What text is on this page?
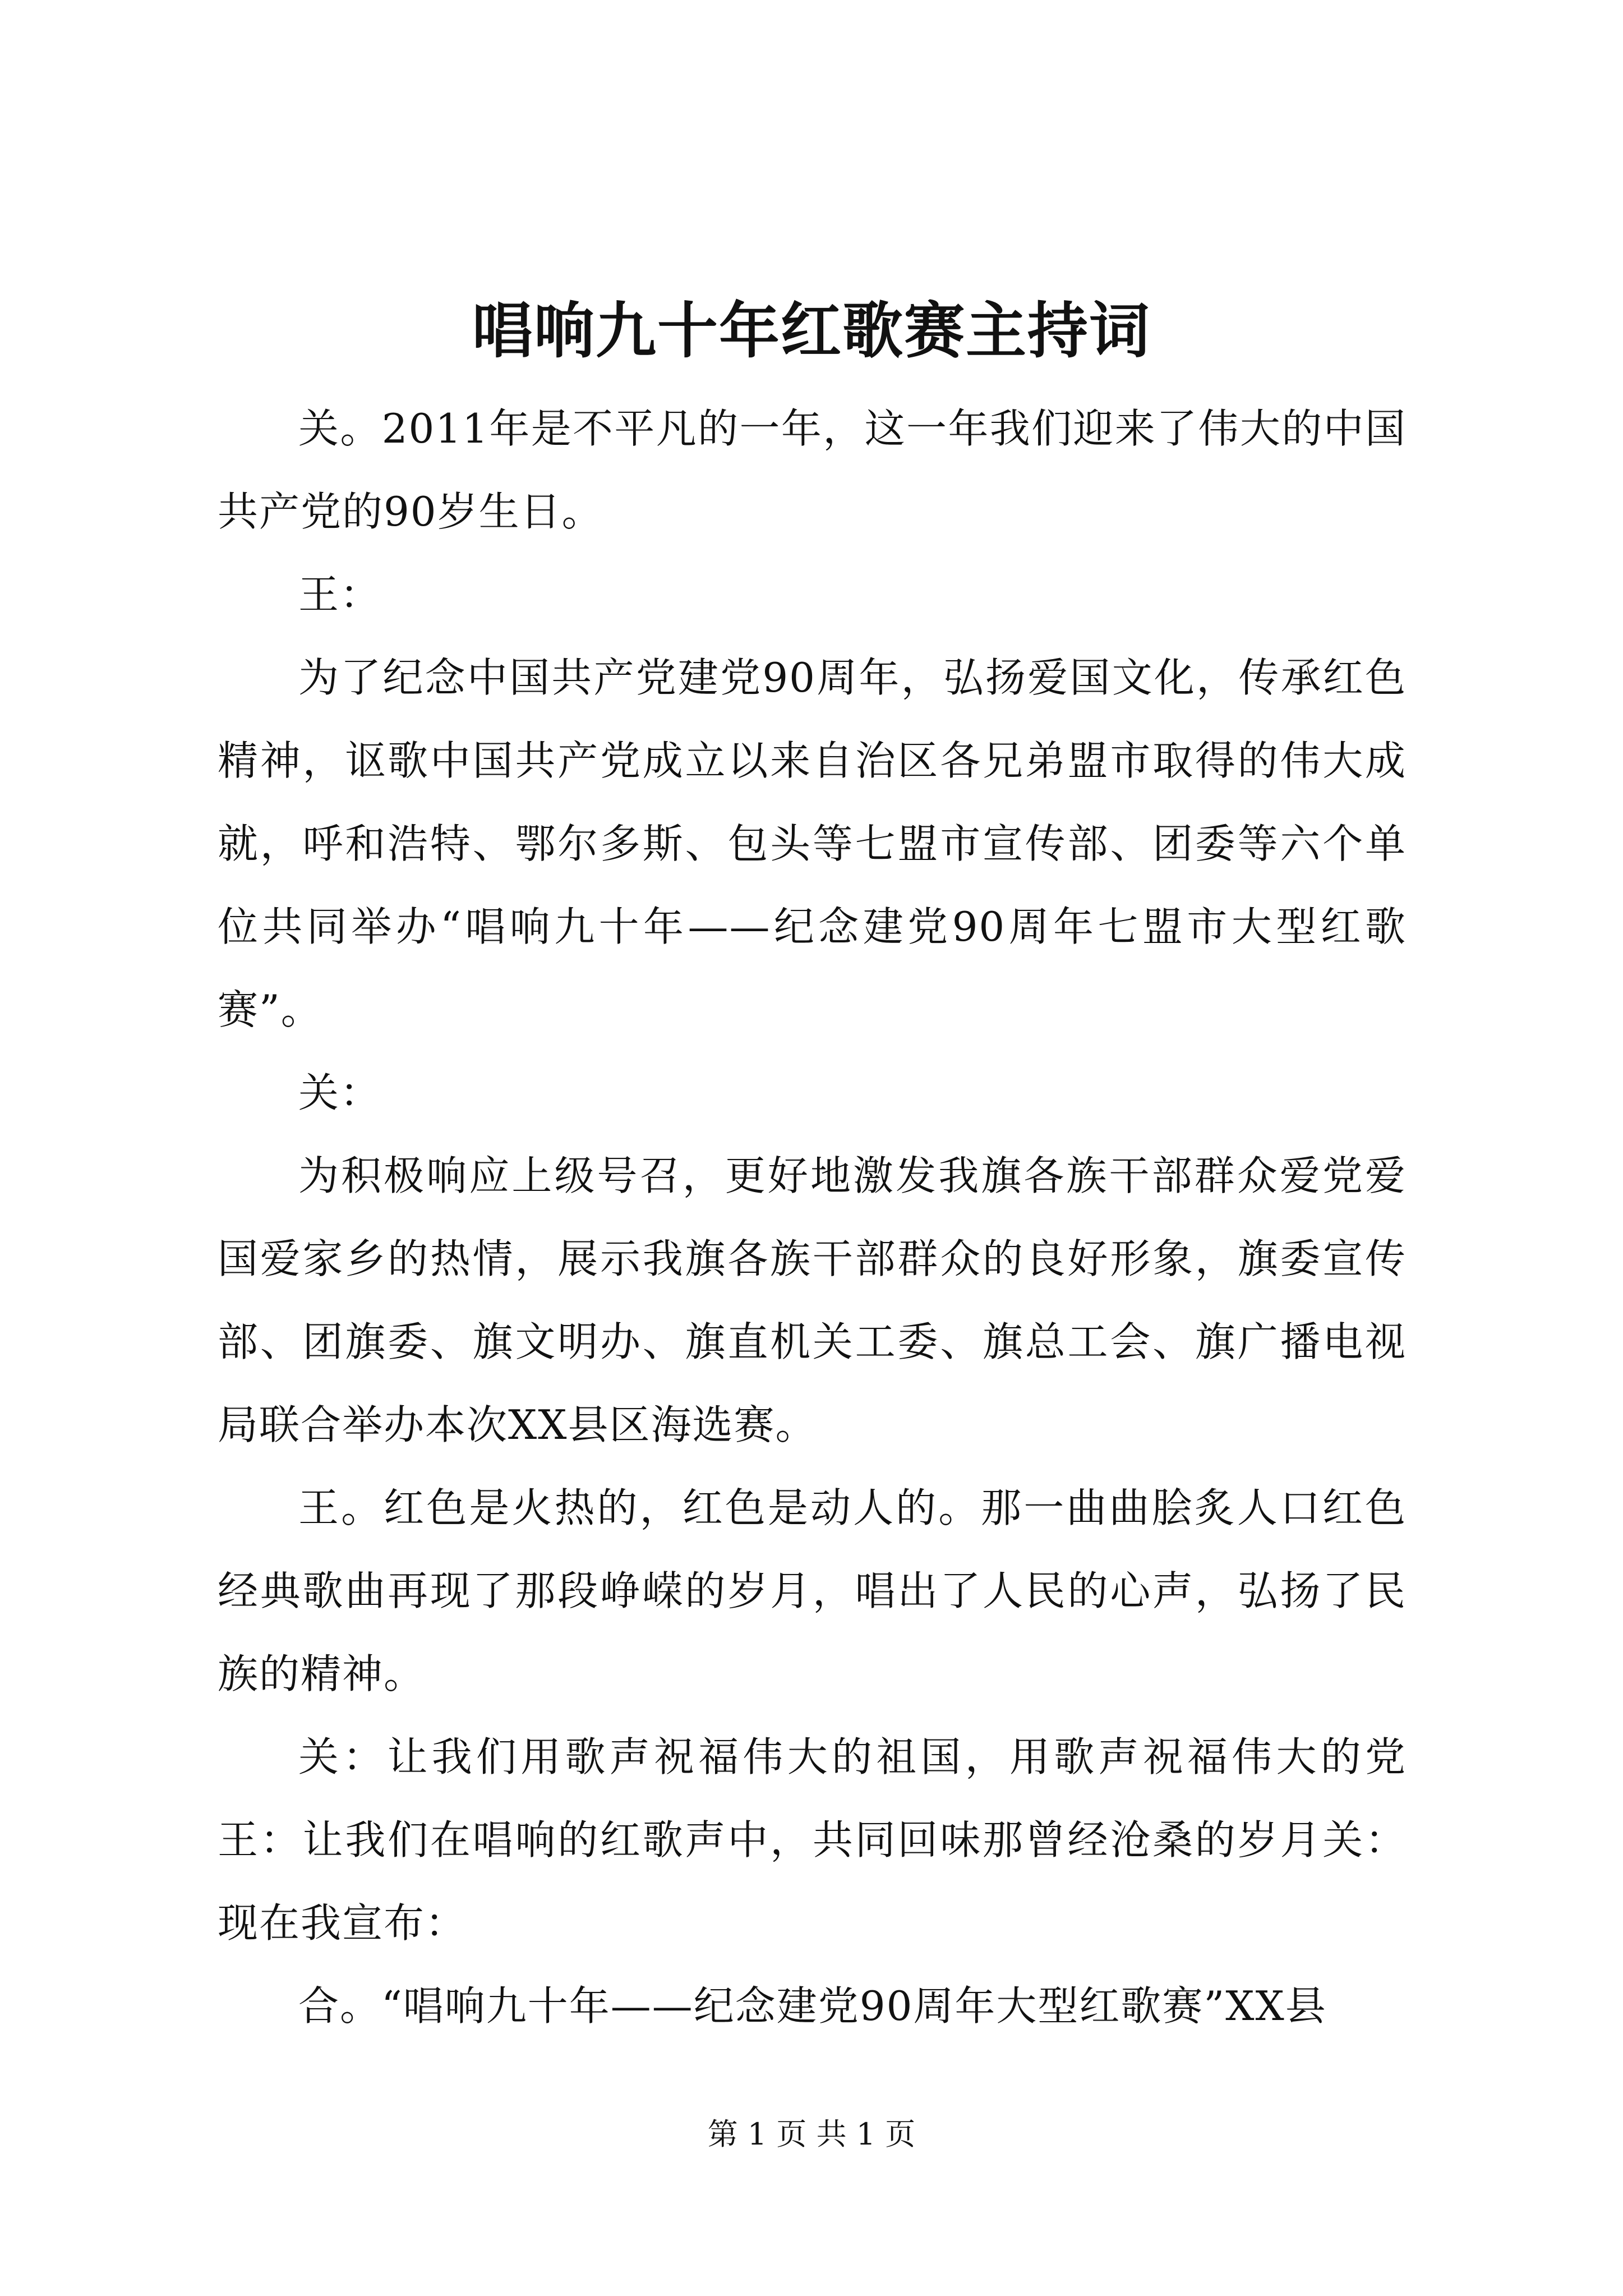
唱响九十年红歌赛主持词

关。2011年是不平凡的一年，这一年我们迎来了伟大的中国共产党的90岁生日。

王：

为了纪念中国共产党建党90周年，弘扬爱国文化，传承红色精神，讴歌中国共产党成立以来自治区各兄弟盟市取得的伟大成就，呼和浩特、鄂尔多斯、包头等七盟市宣传部、团委等六个单位共同举办“唱响九十年——纪念建党90周年七盟市大型红歌赛”。

关：

为积极响应上级号召，更好地激发我旗各族干部群众爱党爱国爱家乡的热情，展示我旗各族干部群众的良好形象，旗委宣传部、团旗委、旗文明办、旗直机关工委、旗总工会、旗广播电视局联合举办本次XX县区海选赛。

王。红色是火热的，红色是动人的。那一曲曲脍炙人口红色经典歌曲再现了那段峥嵘的岁月，唱出了人民的心声，弘扬了民族的精神。

关：让我们用歌声祝福伟大的祖国，用歌声祝福伟大的党王：让我们在唱响的红歌声中，共同回味那曾经沧桑的岁月关：现在我宣布：

合。“唱响九十年——纪念建党90周年大型红歌赛”XX县

第 1 页 共 1 页
